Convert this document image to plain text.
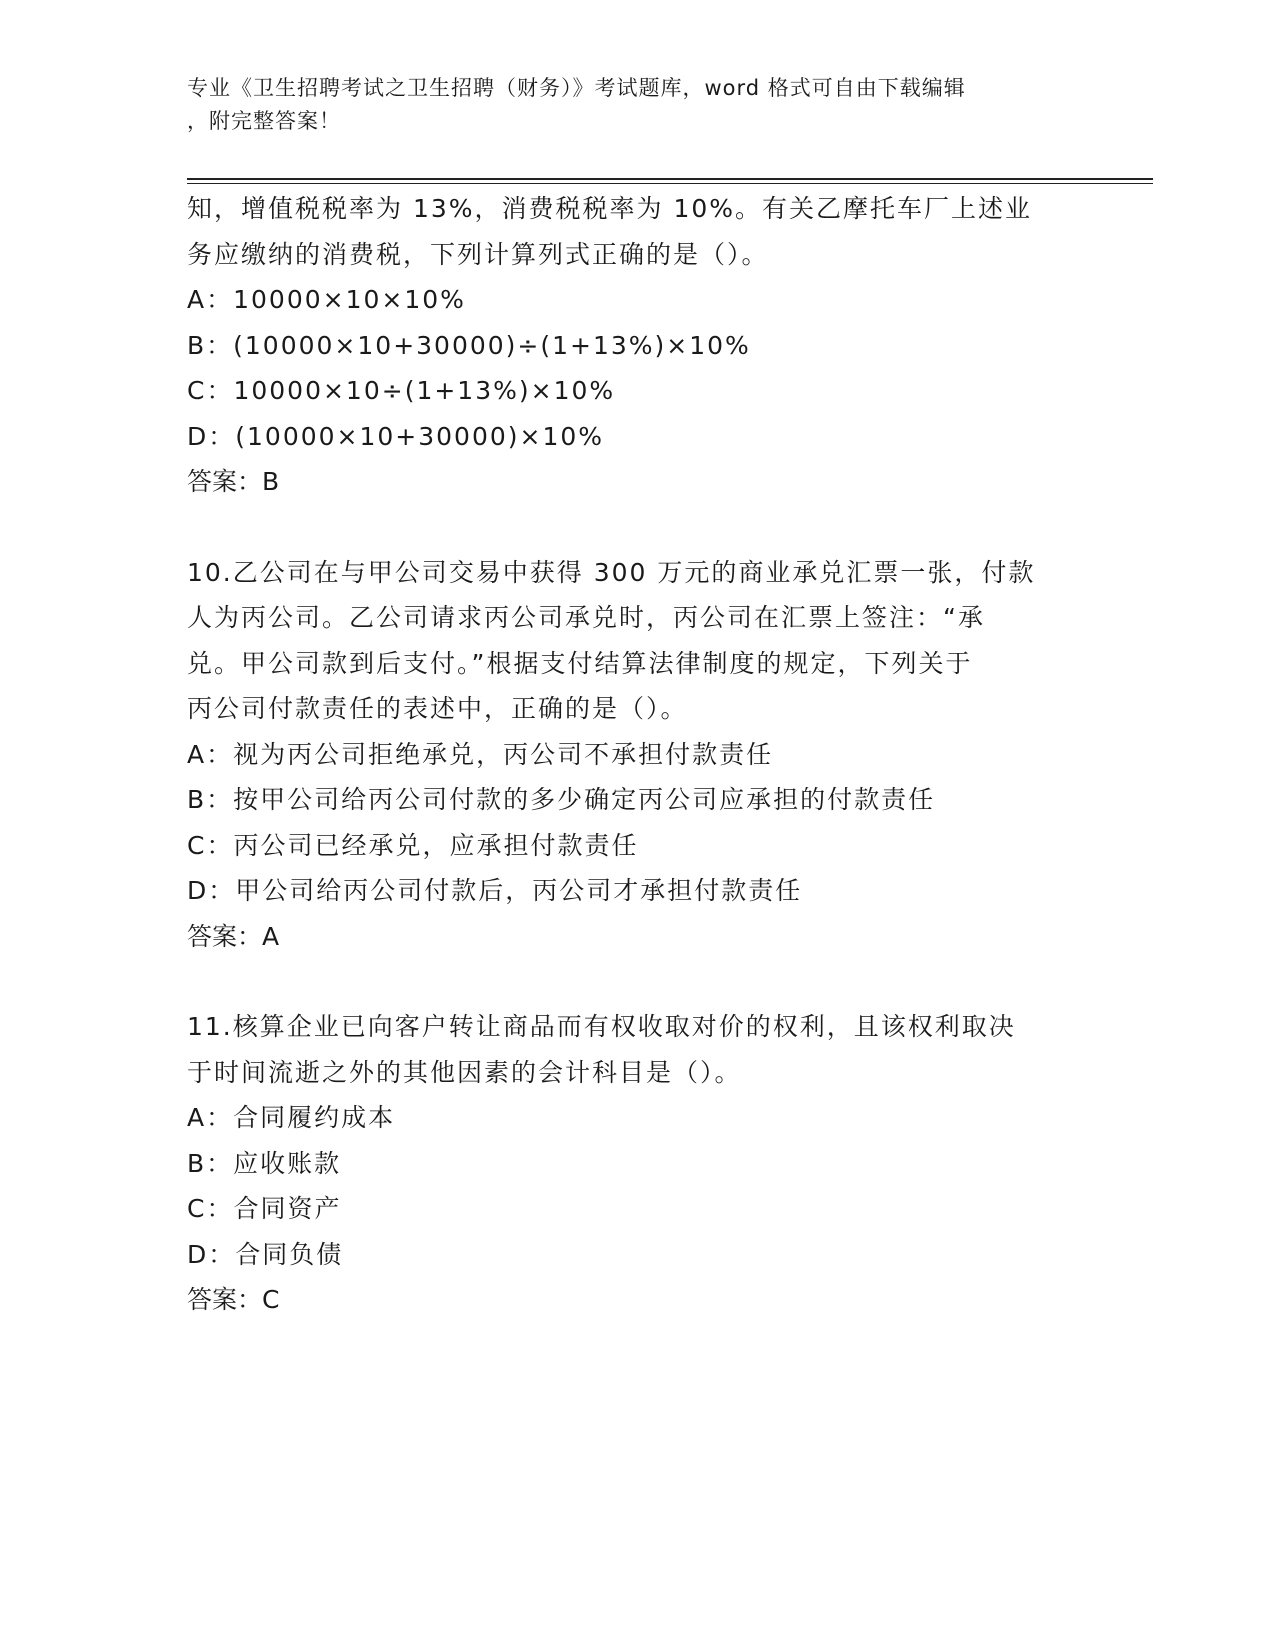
专业《卫生招聘考试之卫生招聘（财务）》考试题库，word 格式可自由下载编辑
，附完整答案！
知，增值税税率为 13%，消费税税率为 10%。有关乙摩托车厂上述业
务应缴纳的消费税，下列计算列式正确的是（）。
A：10000×10×10%
B：(10000×10+30000)÷(1+13%)×10%
C：10000×10÷(1+13%)×10%
D：(10000×10+30000)×10%
答案：B
10.乙公司在与甲公司交易中获得 300 万元的商业承兑汇票一张，付款
人为丙公司。乙公司请求丙公司承兑时，丙公司在汇票上签注：“承
兑。甲公司款到后支付。”根据支付结算法律制度的规定，下列关于
丙公司付款责任的表述中，正确的是（）。
A：视为丙公司拒绝承兑，丙公司不承担付款责任
B：按甲公司给丙公司付款的多少确定丙公司应承担的付款责任
C：丙公司已经承兑，应承担付款责任
D：甲公司给丙公司付款后，丙公司才承担付款责任
答案：A
11.核算企业已向客户转让商品而有权收取对价的权利，且该权利取决
于时间流逝之外的其他因素的会计科目是（）。
A：合同履约成本
B：应收账款
C：合同资产
D：合同负债
答案：C
